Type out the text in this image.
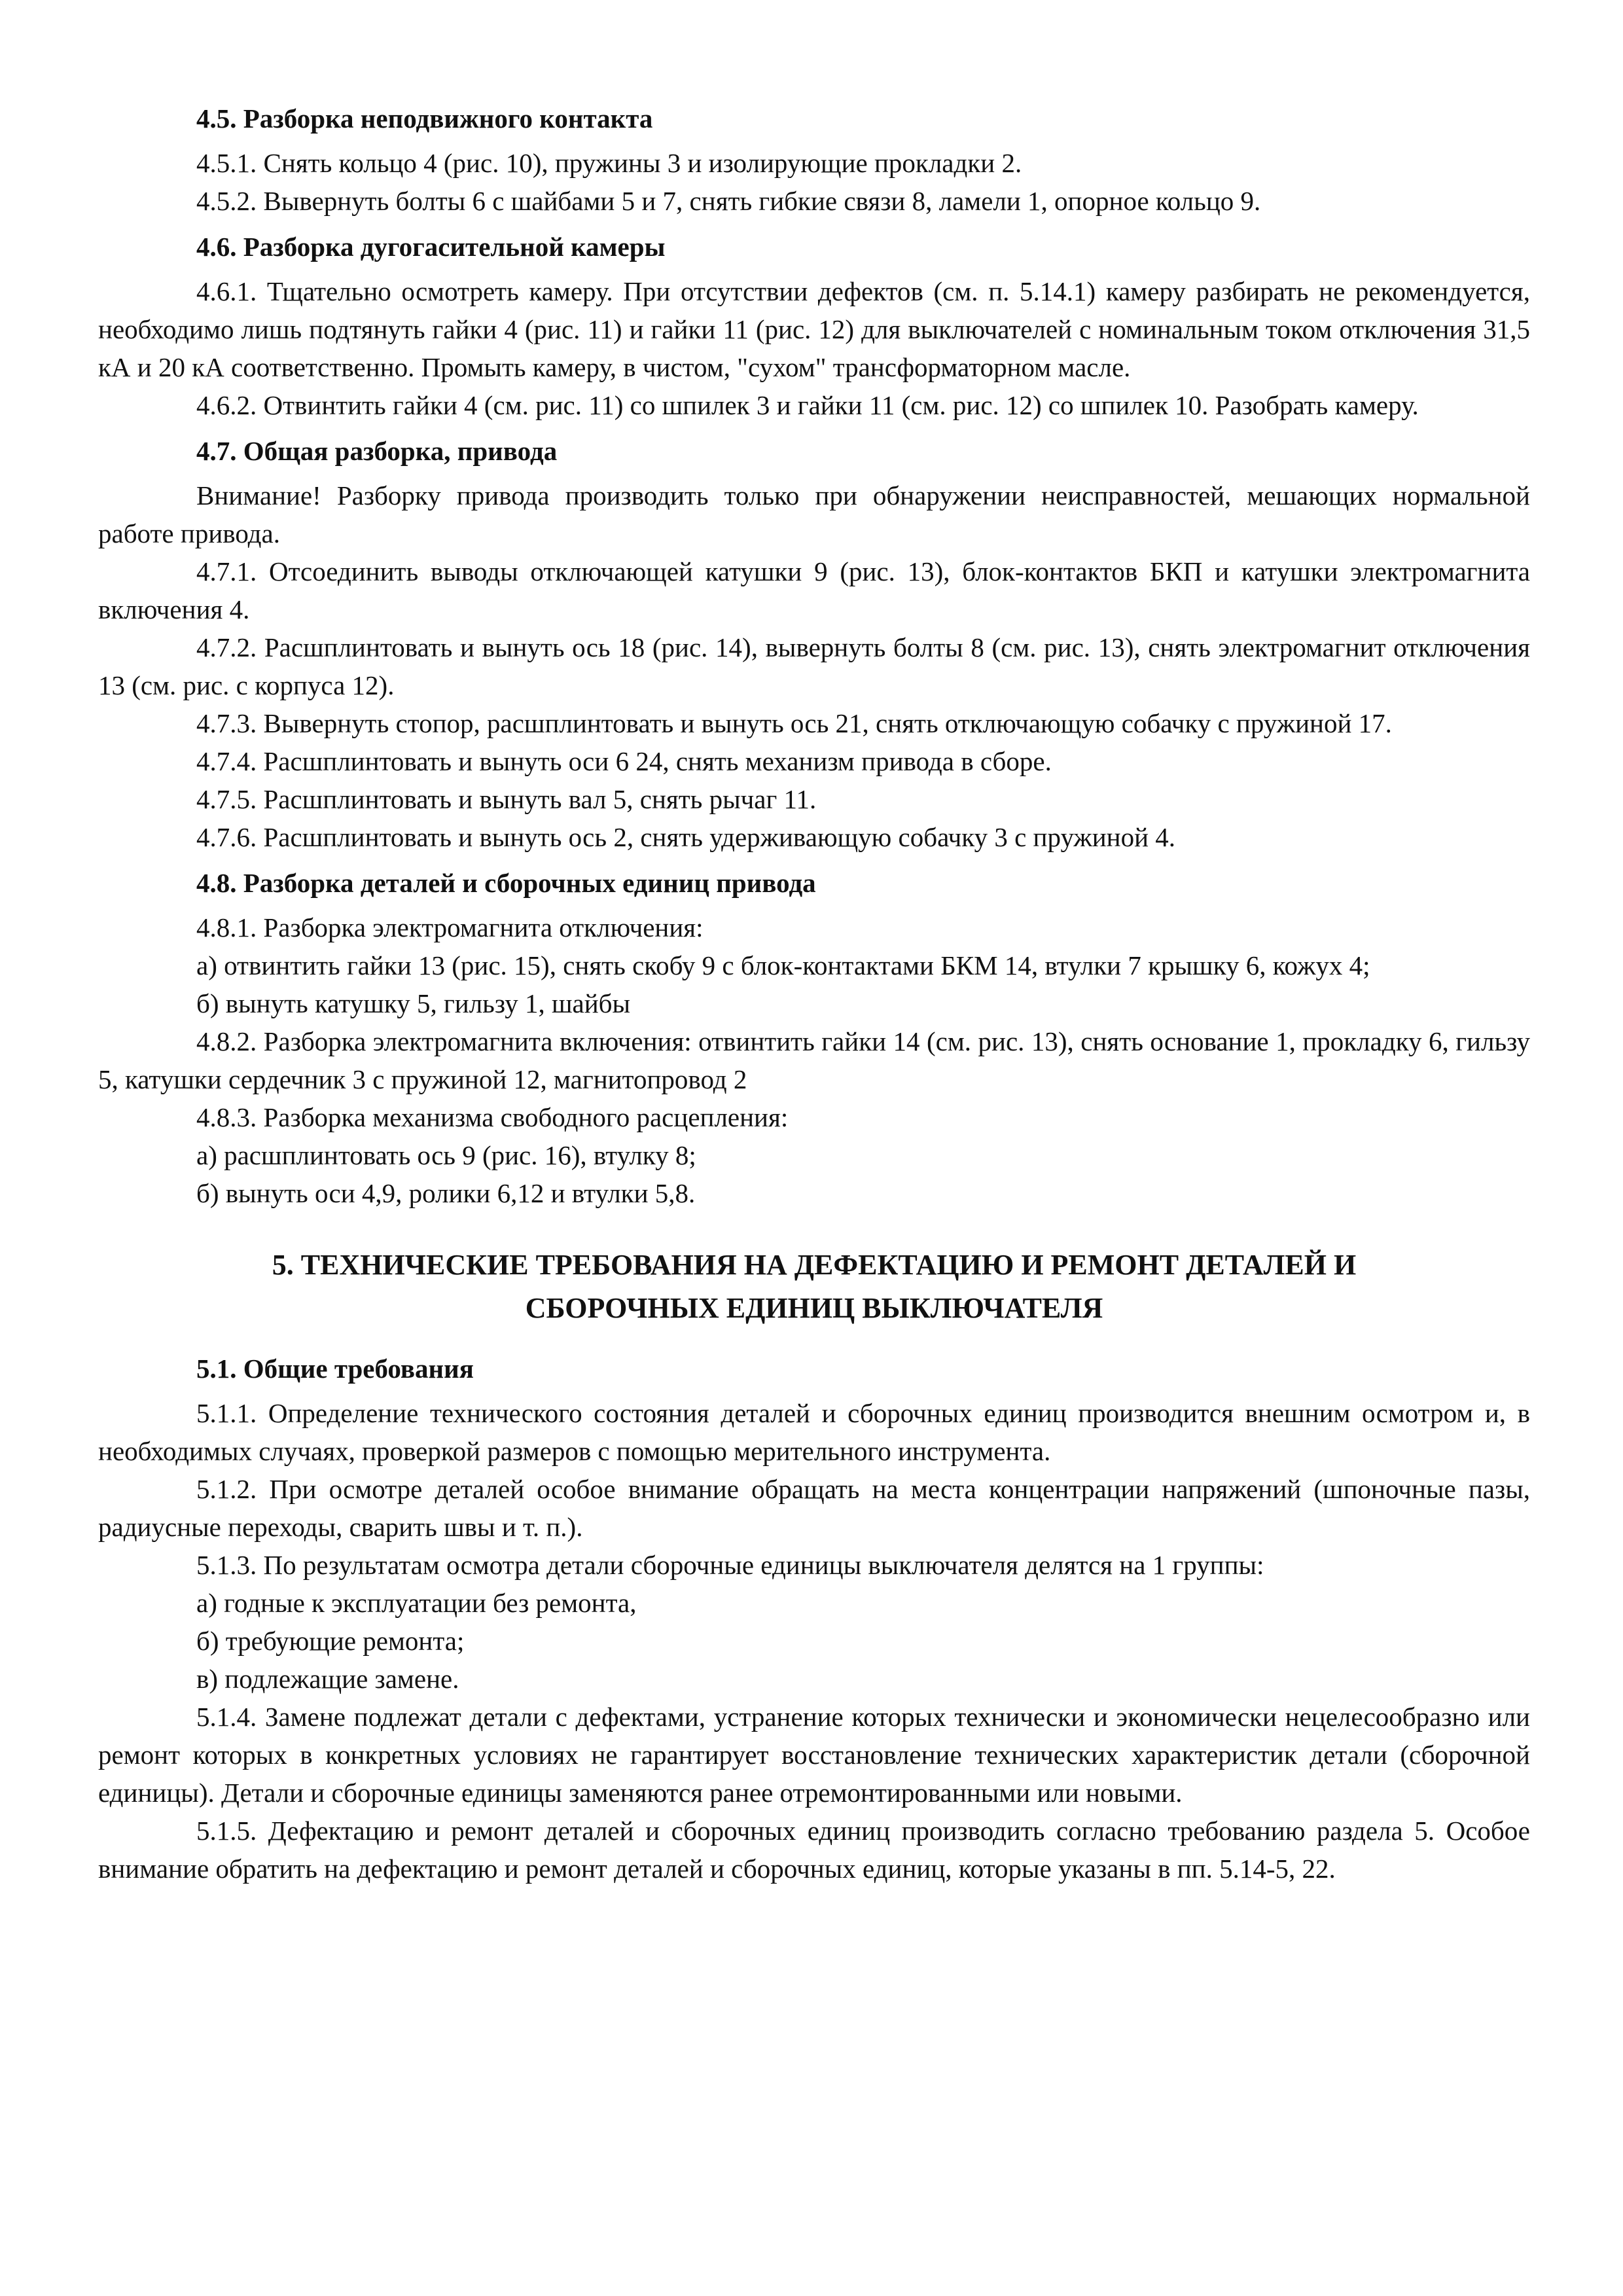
4.5. Разборка неподвижного контакта

4.5.1. Снять кольцо 4 (рис. 10), пружины 3 и изолирующие прокладки 2.

4.5.2. Вывернуть болты 6 с шайбами 5 и 7, снять гибкие связи 8, ламели 1, опорное кольцо 9.

4.6. Разборка дугогасительной камеры

4.6.1. Тщательно осмотреть камеру. При отсутствии дефектов (см. п. 5.14.1) камеру разбирать не рекомендуется, необходимо лишь подтянуть гайки 4 (рис. 11) и гайки 11 (рис. 12) для выключателей с номинальным током отключения 31,5 кА и 20 кА соответственно. Промыть камеру, в чистом, "сухом" трансформаторном масле.

4.6.2. Отвинтить гайки 4 (см. рис. 11) со шпилек 3 и гайки 11 (см. рис. 12) со шпилек 10. Разобрать камеру.

4.7. Общая разборка, привода

Внимание! Разборку привода производить только при обнаружении неисправностей, мешающих нормальной работе привода.

4.7.1. Отсоединить выводы отключающей катушки 9 (рис. 13), блок-контактов БКП и катушки электромагнита включения 4.

4.7.2. Расшплинтовать и вынуть ось 18 (рис. 14), вывернуть болты 8 (см. рис. 13), снять электромагнит отключения 13 (см. рис. с корпуса 12).

4.7.3. Вывернуть стопор, расшплинтовать и вынуть ось 21, снять отключающую собачку с пружиной 17.

4.7.4. Расшплинтовать и вынуть оси 6 24, снять механизм привода в сборе.

4.7.5. Расшплинтовать и вынуть вал 5, снять рычаг 11.

4.7.6. Расшплинтовать и вынуть ось 2, снять удерживающую собачку 3 с пружиной 4.

4.8. Разборка деталей и сборочных единиц привода

4.8.1. Разборка электромагнита отключения:

а) отвинтить гайки 13 (рис. 15), снять скобу 9 с блок-контактами БКМ 14, втулки 7 крышку 6, кожух 4;

б) вынуть катушку 5, гильзу 1, шайбы

4.8.2. Разборка электромагнита включения: отвинтить гайки 14 (см. рис. 13), снять основание 1, прокладку 6, гильзу 5, катушки сердечник 3 с пружиной 12, магнитопровод 2

4.8.3. Разборка механизма свободного расцепления:

а) расшплинтовать ось 9 (рис. 16), втулку 8;

б) вынуть оси 4,9, ролики 6,12 и втулки 5,8.

5. ТЕХНИЧЕСКИЕ ТРЕБОВАНИЯ НА ДЕФЕКТАЦИЮ И РЕМОНТ ДЕТАЛЕЙ И
СБОРОЧНЫХ ЕДИНИЦ ВЫКЛЮЧАТЕЛЯ
5.1. Общие требования

5.1.1. Определение технического состояния деталей и сборочных единиц производится внешним осмотром и, в необходимых случаях, проверкой размеров с помощью мерительного инструмента.

5.1.2. При осмотре деталей особое внимание обращать на места концентрации напряжений (шпоночные пазы, радиусные переходы, сварить швы и т. п.).

5.1.3. По результатам осмотра детали сборочные единицы выключателя делятся на 1 группы:

а) годные к эксплуатации без ремонта,

б) требующие ремонта;

в) подлежащие замене.

5.1.4. Замене подлежат детали с дефектами, устранение которых технически и экономически нецелесообразно или ремонт которых в конкретных условиях не гарантирует восстановление технических характеристик детали (сборочной единицы). Детали и сборочные единицы заменяются ранее отремонтированными или новыми.

5.1.5. Дефектацию и ремонт деталей и сборочных единиц производить согласно требованию раздела 5. Особое внимание обратить на дефектацию и ремонт деталей и сборочных единиц, которые указаны в пп. 5.14-5, 22.
